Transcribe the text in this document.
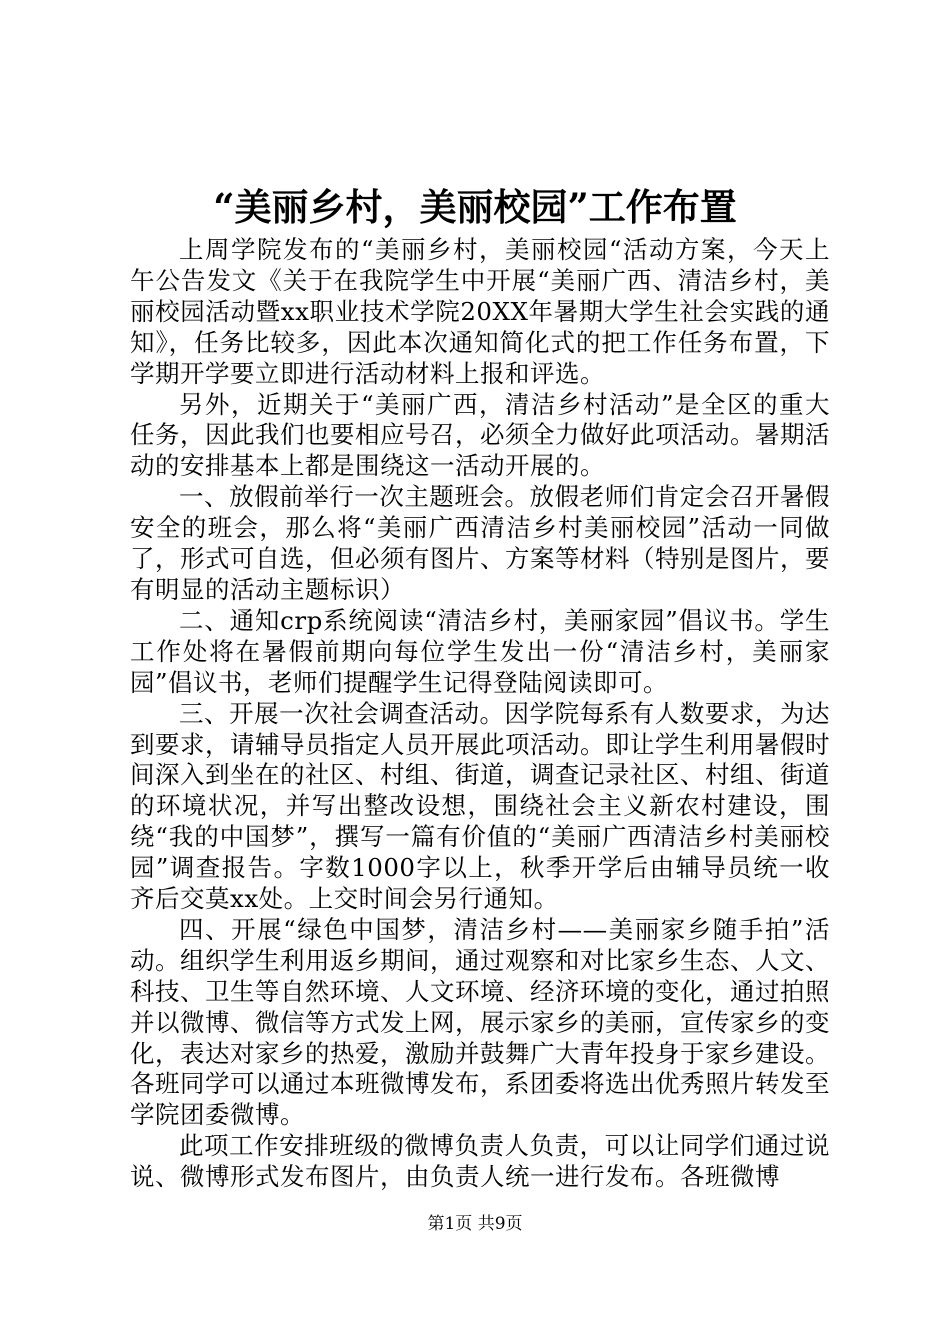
“美丽乡村，美丽校园”工作布置

上周学院发布的“美丽乡村，美丽校园“活动方案，今天上午公告发文《关于在我院学生中开展“美丽广西、清洁乡村，美丽校园活动暨xx职业技术学院20XX年暑期大学生社会实践的通知》，任务比较多，因此本次通知简化式的把工作任务布置，下学期开学要立即进行活动材料上报和评选。

另外，近期关于“美丽广西，清洁乡村活动”是全区的重大任务，因此我们也要相应号召，必须全力做好此项活动。暑期活动的安排基本上都是围绕这一活动开展的。

一、放假前举行一次主题班会。放假老师们肯定会召开暑假安全的班会，那么将“美丽广西清洁乡村美丽校园”活动一同做了，形式可自选，但必须有图片、方案等材料（特别是图片，要有明显的活动主题标识）

二、通知crp系统阅读“清洁乡村，美丽家园”倡议书。学生工作处将在暑假前期向每位学生发出一份“清洁乡村，美丽家园”倡议书，老师们提醒学生记得登陆阅读即可。

三、开展一次社会调查活动。因学院每系有人数要求，为达到要求，请辅导员指定人员开展此项活动。即让学生利用暑假时间深入到坐在的社区、村组、街道，调查记录社区、村组、街道的环境状况，并写出整改设想，围绕社会主义新农村建设，围绕“我的中国梦”，撰写一篇有价值的“美丽广西清洁乡村美丽校园”调查报告。字数1000字以上，秋季开学后由辅导员统一收齐后交莫xx处。上交时间会另行通知。

四、开展“绿色中国梦，清洁乡村——美丽家乡随手拍”活动。组织学生利用返乡期间，通过观察和对比家乡生态、人文、科技、卫生等自然环境、人文环境、经济环境的变化，通过拍照并以微博、微信等方式发上网，展示家乡的美丽，宣传家乡的变化，表达对家乡的热爱，激励并鼓舞广大青年投身于家乡建设。各班同学可以通过本班微博发布，系团委将选出优秀照片转发至学院团委微博。

此项工作安排班级的微博负责人负责，可以让同学们通过说说、微博形式发布图片，由负责人统一进行发布。各班微博

第1页 共9页
